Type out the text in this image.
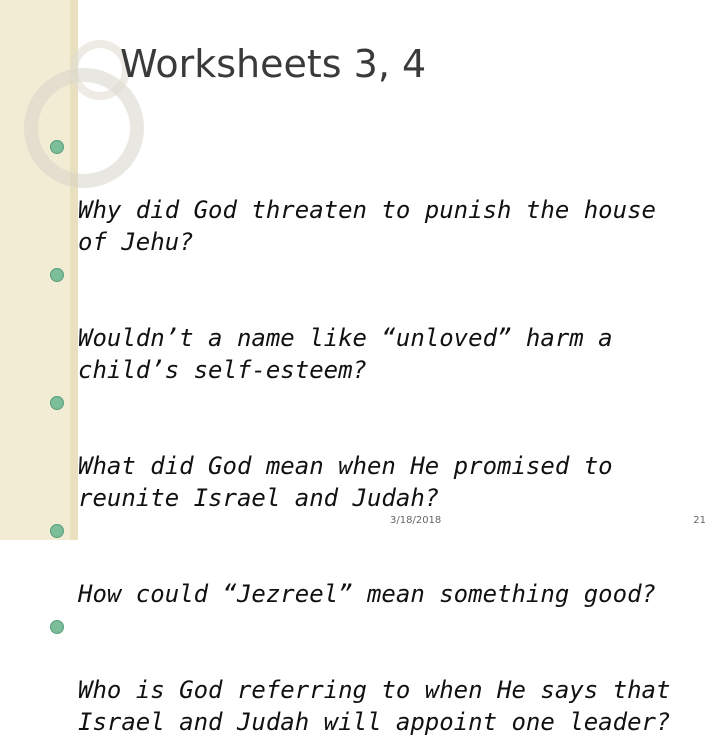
Worksheets 3, 4

Why did God threaten to punish the house
of Jehu?

Wouldn’t a name like “unloved” harm a
child’s self-esteem?

What did God mean when He promised to
reunite Israel and Judah?

How could “Jezreel” mean something good?

Who is God referring to when He says that
Israel and Judah will appoint one leader?

3/18/2018	21
